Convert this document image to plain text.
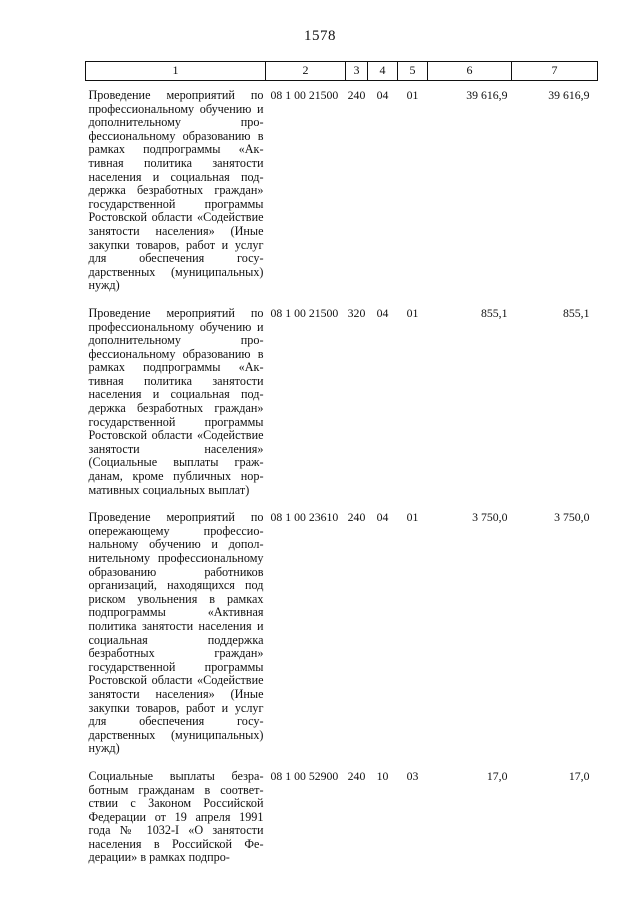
1578
1	2	3	4	5	6	7
Проведение мероприятий по профессиональному обучению и дополнительному профессиональному образованию в рамках подпрограммы «Активная политика занятости населения и социальная поддержка безработных граждан» государственной программы Ростовской области «Содействие занятости населения» (Иные закупки товаров, работ и услуг для обеспечения государственных (муниципальных) нужд)	08 1 00 21500	240	04	01	39 616,9	39 616,9
Проведение мероприятий по профессиональному обучению и дополнительному профессиональному образованию в рамках подпрограммы «Активная политика занятости населения и социальная поддержка безработных граждан» государственной программы Ростовской области «Содействие занятости населения» (Социальные выплаты гражданам, кроме публичных нормативных социальных выплат)	08 1 00 21500	320	04	01	855,1	855,1
Проведение мероприятий по опережающему профессиональному обучению и дополнительному профессиональному образованию работников организаций, находящихся под риском увольнения в рамках подпрограммы «Активная политика занятости населения и социальная поддержка безработных граждан» государственной программы Ростовской области «Содействие занятости населения» (Иные закупки товаров, работ и услуг для обеспечения государственных (муниципальных) нужд)	08 1 00 23610	240	04	01	3 750,0	3 750,0
Социальные выплаты безработным гражданам в соответствии с Законом Российской Федерации от 19 апреля 1991 года № 1032-I «О занятости населения в Российской Федерации» в рамках подпро-	08 1 00 52900	240	10	03	17,0	17,0
